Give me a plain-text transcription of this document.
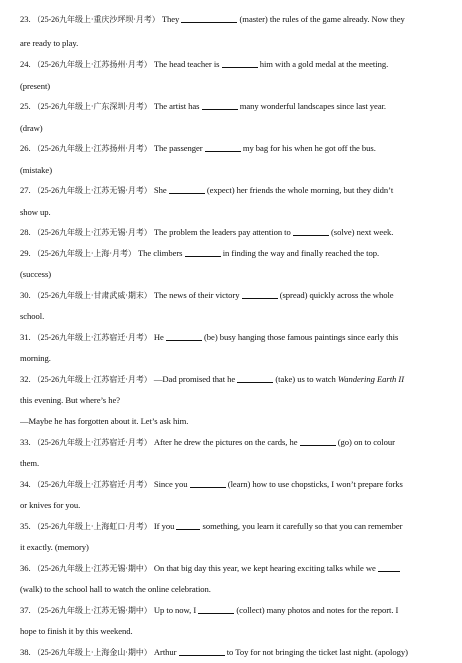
23. （25-26九年级上·重庆沙坪坝·月考） They	(master) the rules of the game already. Now they
are ready to play.
24. （25-26九年级上·江苏扬州·月考） The head teacher is	him with a gold medal at the meeting.
(present)
25. （25-26九年级上·广东深圳·月考） The artist has	many wonderful landscapes since last year.
(draw)
26. （25-26九年级上·江苏扬州·月考） The passenger	my bag for his when he got off the bus.
(mistake)
27. （25-26九年级上·江苏无锡·月考） She	(expect) her friends the whole morning, but they didn’t
show up.
28. （25-26九年级上·江苏无锡·月考） The problem the leaders pay attention to	(solve) next week.
29. （25-26九年级上·上海·月考） The climbers	in finding the way and finally reached the top.
(success)
30. （25-26九年级上·甘肃武威·期末） The news of their victory	(spread) quickly across the whole
school.
31. （25-26九年级上·江苏宿迁·月考） He	(be) busy hanging those famous paintings since early this
morning.
32. （25-26九年级上·江苏宿迁·月考） —Dad promised that he	(take) us to watch Wandering Earth II
this evening. But where’s he?
—Maybe he has forgotten about it. Let’s ask him.
33. （25-26九年级上·江苏宿迁·月考） After he drew the pictures on the cards, he	(go) on to colour
them.
34. （25-26九年级上·江苏宿迁·月考） Since you	(learn) how to use chopsticks, I won’t prepare forks
or knives for you.
35. （25-26九年级上·上海虹口·月考） If you	something, you learn it carefully so that you can remember
it exactly. (memory)
36. （25-26九年级上·江苏无锡·期中） On that big day this year, we kept hearing exciting talks while we
(walk) to the school hall to watch the online celebration.
37. （25-26九年级上·江苏无锡·期中） Up to now, I	(collect) many photos and notes for the report. I
hope to finish it by this weekend.
38. （25-26九年级上·上海金山·期中） Arthur	to Toy for not bringing the ticket last night. (apology)
